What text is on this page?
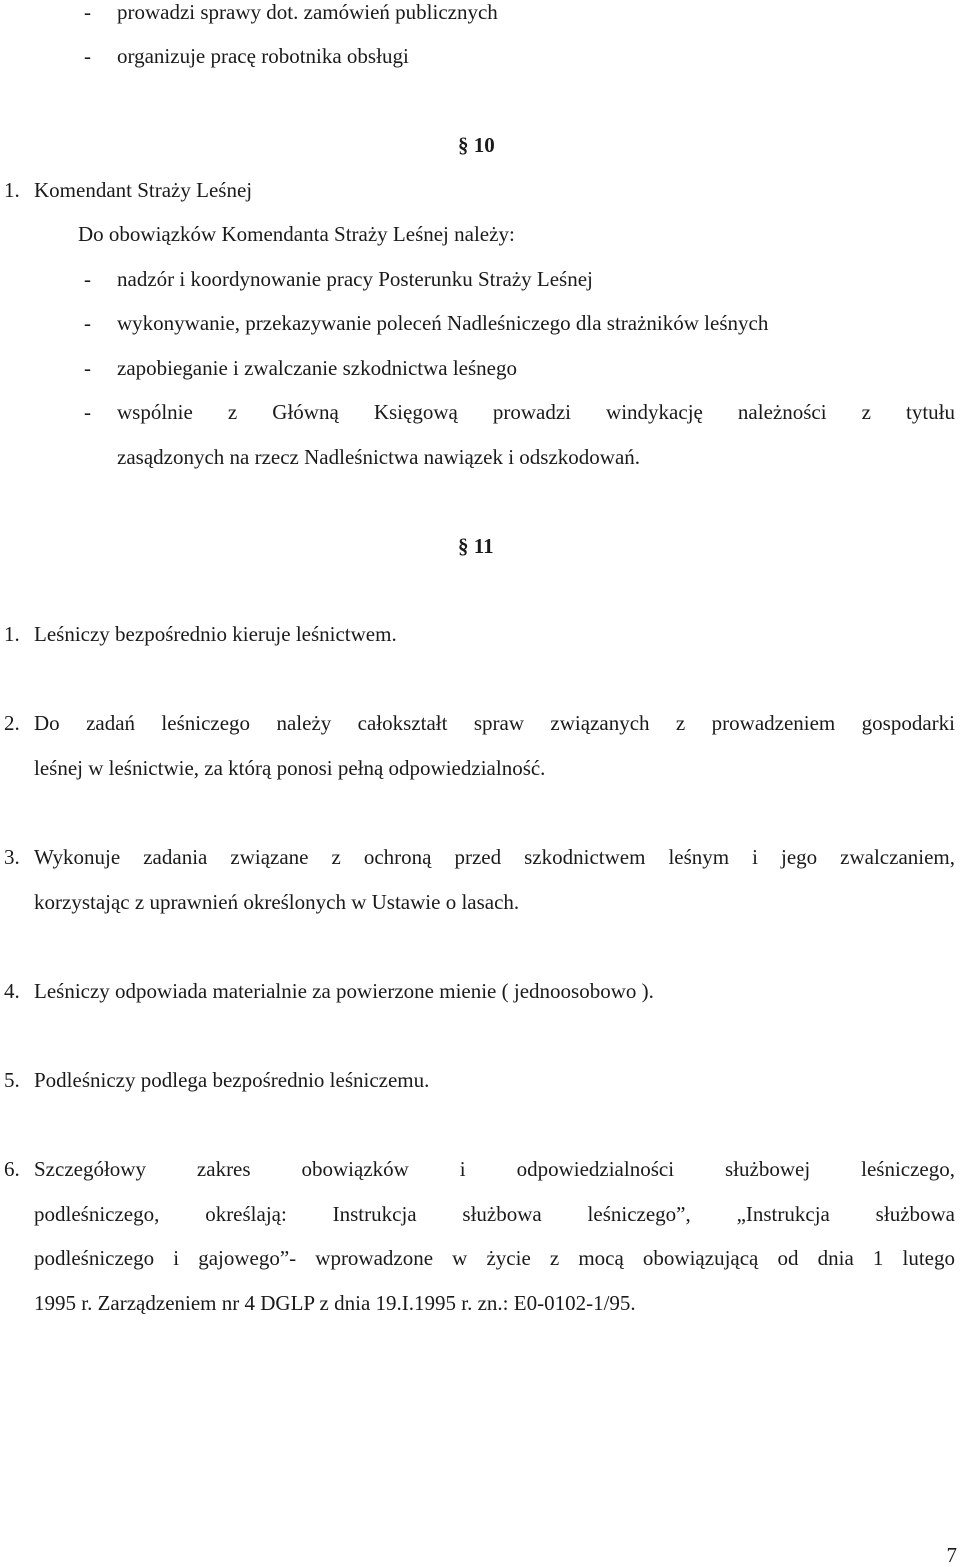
- prowadzi sprawy dot. zamówień publicznych
- organizuje pracę robotnika obsługi
§ 10
1. Komendant Straży Leśnej
Do obowiązków Komendanta Straży Leśnej należy:
- nadzór i koordynowanie pracy Posterunku Straży Leśnej
- wykonywanie, przekazywanie poleceń Nadleśniczego dla strażników leśnych
- zapobieganie i zwalczanie szkodnictwa leśnego
- wspólnie z Główną Księgową prowadzi windykację należności z tytułu
zasądzonych na rzecz Nadleśnictwa nawiązek i odszkodowań.
§ 11
1. Leśniczy bezpośrednio kieruje leśnictwem.
2. Do zadań leśniczego należy całokształt spraw związanych z prowadzeniem gospodarki
leśnej w leśnictwie, za którą ponosi pełną odpowiedzialność.
3. Wykonuje zadania związane z ochroną przed szkodnictwem leśnym i jego zwalczaniem,
korzystając z uprawnień określonych w Ustawie o lasach.
4. Leśniczy odpowiada materialnie za powierzone mienie ( jednoosobowo ).
5. Podleśniczy podlega bezpośrednio leśniczemu.
6. Szczegółowy zakres obowiązków i odpowiedzialności służbowej leśniczego,
podleśniczego, określają: Instrukcja służbowa leśniczego”, „Instrukcja służbowa
podleśniczego i gajowego”- wprowadzone w życie z mocą obowiązującą od dnia 1 lutego
1995 r. Zarządzeniem nr 4 DGLP z dnia 19.I.1995 r. zn.: E0-0102-1/95.
7
